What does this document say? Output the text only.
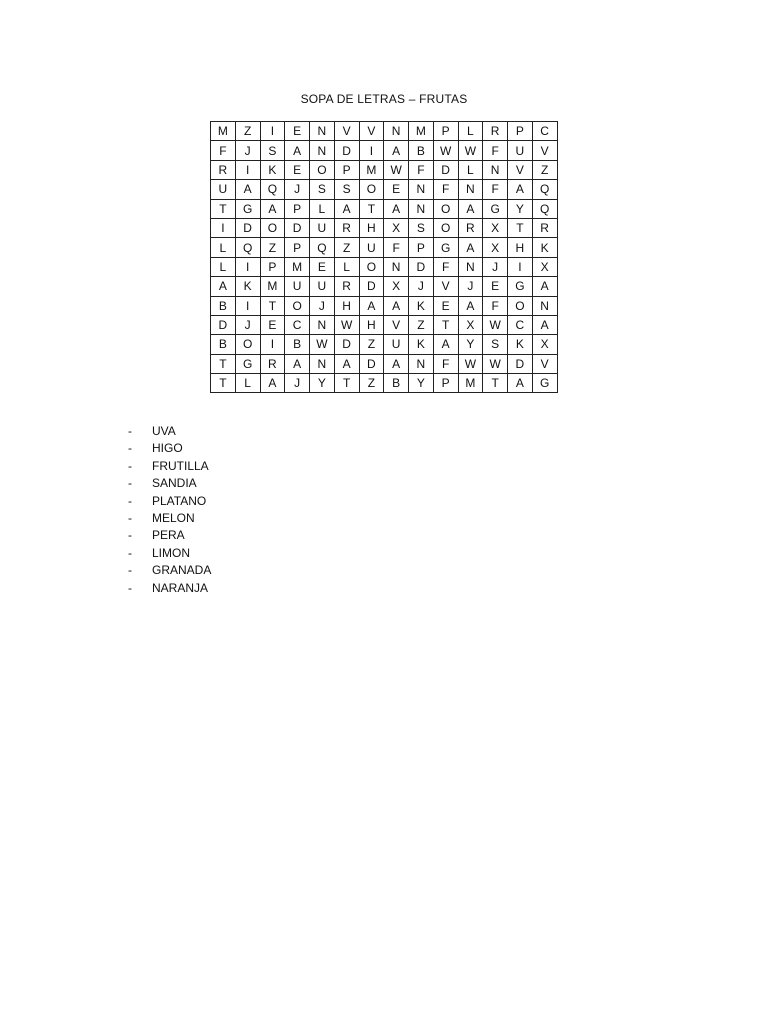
SOPA DE LETRAS – FRUTAS
M	Z	I	E	N	V	V	N	M	P	L	R	P	C
F	J	S	A	N	D	I	A	B	W	W	F	U	V
R	I	K	E	O	P	M	W	F	D	L	N	V	Z
U	A	Q	J	S	S	O	E	N	F	N	F	A	Q
T	G	A	P	L	A	T	A	N	O	A	G	Y	Q
I	D	O	D	U	R	H	X	S	O	R	X	T	R
L	Q	Z	P	Q	Z	U	F	P	G	A	X	H	K
L	I	P	M	E	L	O	N	D	F	N	J	I	X
A	K	M	U	U	R	D	X	J	V	J	E	G	A
B	I	T	O	J	H	A	A	K	E	A	F	O	N
D	J	E	C	N	W	H	V	Z	T	X	W	C	A
B	O	I	B	W	D	Z	U	K	A	Y	S	K	X
T	G	R	A	N	A	D	A	N	F	W	W	D	V
T	L	A	J	Y	T	Z	B	Y	P	M	T	A	G
- UVA
- HIGO
- FRUTILLA
- SANDIA
- PLATANO
- MELON
- PERA
- LIMON
- GRANADA
- NARANJA
